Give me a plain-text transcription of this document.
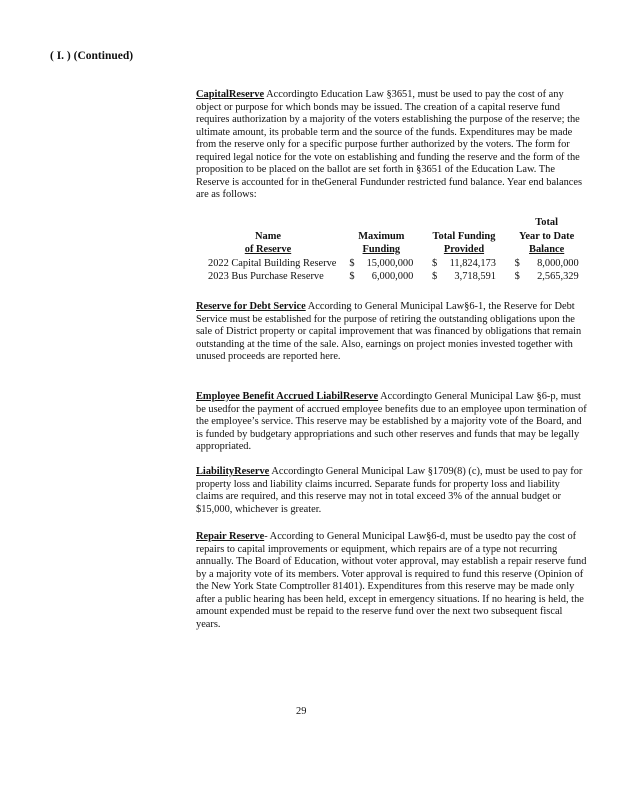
( I. ) (Continued)

CapitalReserve Accordingto Education Law §3651, must be used to pay the cost of any object or purpose for which bonds may be issued. The creation of a capital reserve fund requires authorization by a majority of the voters establishing the purpose of the reserve; the ultimate amount, its probable term and the source of the funds. Expenditures may be made from the reserve only for a specific purpose further authorized by the voters. The form for required legal notice for the vote on establishing and funding the reserve and the form of the proposition to be placed on the ballot are set forth in §3651 of the Education Law. The Reserve is accounted for in theGeneral Fundunder restricted fund balance. Year end balances are as follows:

			Total
Name	Maximum	Total Funding	Year to Date
of Reserve	Funding	Provided	Balance
2022 Capital Building Reserve	$ 15,000,000	$ 11,824,173	$ 8,000,000

2023 Bus Purchase Reserve	$ 6,000,000	$ 3,718,591	$ 2,565,329

Reserve for Debt Service According to General Municipal Law§6-1, the Reserve for Debt Service must be established for the purpose of retiring the outstanding obligations upon the sale of District property or capital improvement that was financed by obligations that remain outstanding at the time of the sale. Also, earnings on project monies invested together with unused proceeds are reported here.

Employee Benefit Accrued LiabilReserve Accordingto General Municipal Law §6-p, must be usedfor the payment of accrued employee benefits due to an employee upon termination of the employee’s service. This reserve may be established by a majority vote of the Board, and is funded by budgetary appropriations and such other reserves and funds that may be legally appropriated.

LiabilityReserve Accordingto General Municipal Law §1709(8) (c), must be used to pay for property loss and liability claims incurred. Separate funds for property loss and liability claims are required, and this reserve may not in total exceed 3% of the annual budget or $15,000, whichever is greater.

Repair Reserve- According to General Municipal Law§6-d, must be usedto pay the cost of repairs to capital improvements or equipment, which repairs are of a type not recurring annually. The Board of Education, without voter approval, may establish a repair reserve fund by a majority vote of its members. Voter approval is required to fund this reserve (Opinion of the New York State Comptroller 81401). Expenditures from this reserve may be made only after a public hearing has been held, except in emergency situations. If no hearing is held, the amount expended must be repaid to the reserve fund over the next two subsequent fiscal years.

29
